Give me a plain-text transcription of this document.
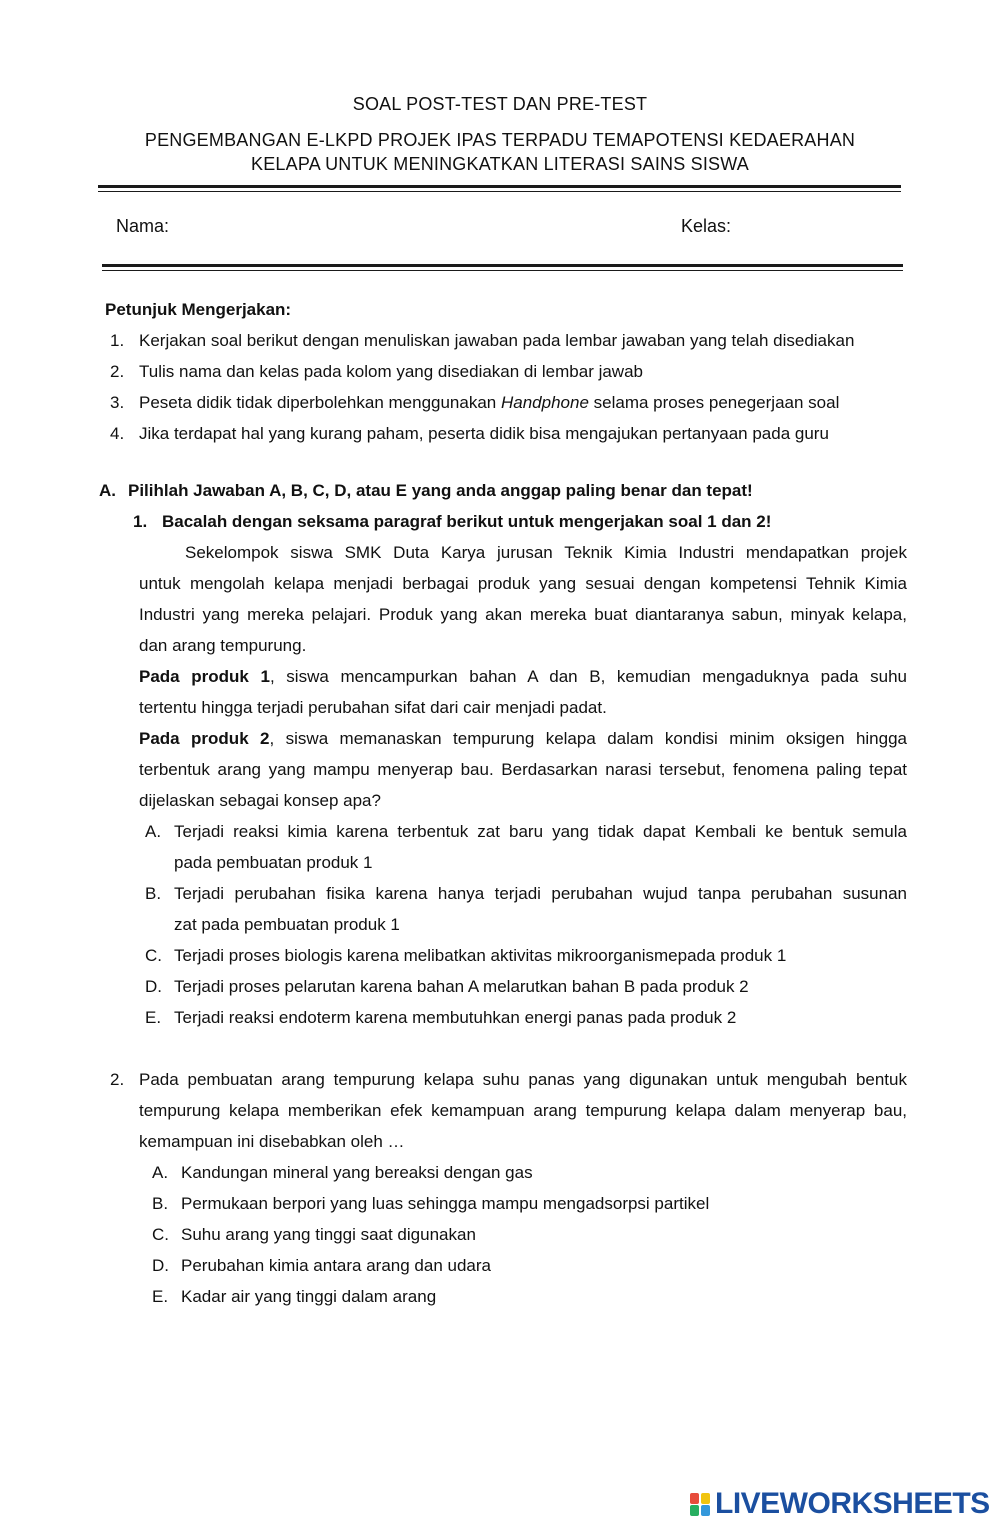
SOAL POST-TEST DAN PRE-TEST
PENGEMBANGAN E-LKPD PROJEK IPAS TERPADU TEMAPOTENSI KEDAERAHAN
KELAPA UNTUK MENINGKATKAN LITERASI SAINS SISWA
Nama:	Kelas:
Petunjuk Mengerjakan:
1. Kerjakan soal berikut dengan menuliskan jawaban pada lembar jawaban yang telah disediakan
2. Tulis nama dan kelas pada kolom yang disediakan di lembar jawab
3. Peseta didik tidak diperbolehkan menggunakan Handphone selama proses penegerjaan soal
4. Jika terdapat hal yang kurang paham, peserta didik bisa mengajukan pertanyaan pada guru
A. Pilihlah Jawaban A, B, C, D, atau E yang anda anggap paling benar dan tepat!
1. Bacalah dengan seksama paragraf berikut untuk mengerjakan soal 1 dan 2!
Sekelompok siswa SMK Duta Karya jurusan Teknik Kimia Industri mendapatkan projek
untuk mengolah kelapa menjadi berbagai produk yang sesuai dengan kompetensi Tehnik Kimia
Industri yang mereka pelajari. Produk yang akan mereka buat diantaranya sabun, minyak kelapa,
dan arang tempurung.
Pada produk 1, siswa mencampurkan bahan A dan B, kemudian mengaduknya pada suhu
tertentu hingga terjadi perubahan sifat dari cair menjadi padat.
Pada produk 2, siswa memanaskan tempurung kelapa dalam kondisi minim oksigen hingga
terbentuk arang yang mampu menyerap bau. Berdasarkan narasi tersebut, fenomena paling tepat
dijelaskan sebagai konsep apa?
A. Terjadi reaksi kimia karena terbentuk zat baru yang tidak dapat Kembali ke bentuk semula
pada pembuatan produk 1
B. Terjadi perubahan fisika karena hanya terjadi perubahan wujud tanpa perubahan susunan
zat pada pembuatan produk 1
C. Terjadi proses biologis karena melibatkan aktivitas mikroorganismepada produk 1
D. Terjadi proses pelarutan karena bahan A melarutkan bahan B pada produk 2
E. Terjadi reaksi endoterm karena membutuhkan energi panas pada produk 2
2. Pada pembuatan arang tempurung kelapa suhu panas yang digunakan untuk mengubah bentuk
tempurung kelapa memberikan efek kemampuan arang tempurung kelapa dalam menyerap bau,
kemampuan ini disebabkan oleh …
A. Kandungan mineral yang bereaksi dengan gas
B. Permukaan berpori yang luas sehingga mampu mengadsorpsi partikel
C. Suhu arang yang tinggi saat digunakan
D. Perubahan kimia antara arang dan udara
E. Kadar air yang tinggi dalam arang
LIVEWORKSHEETS
